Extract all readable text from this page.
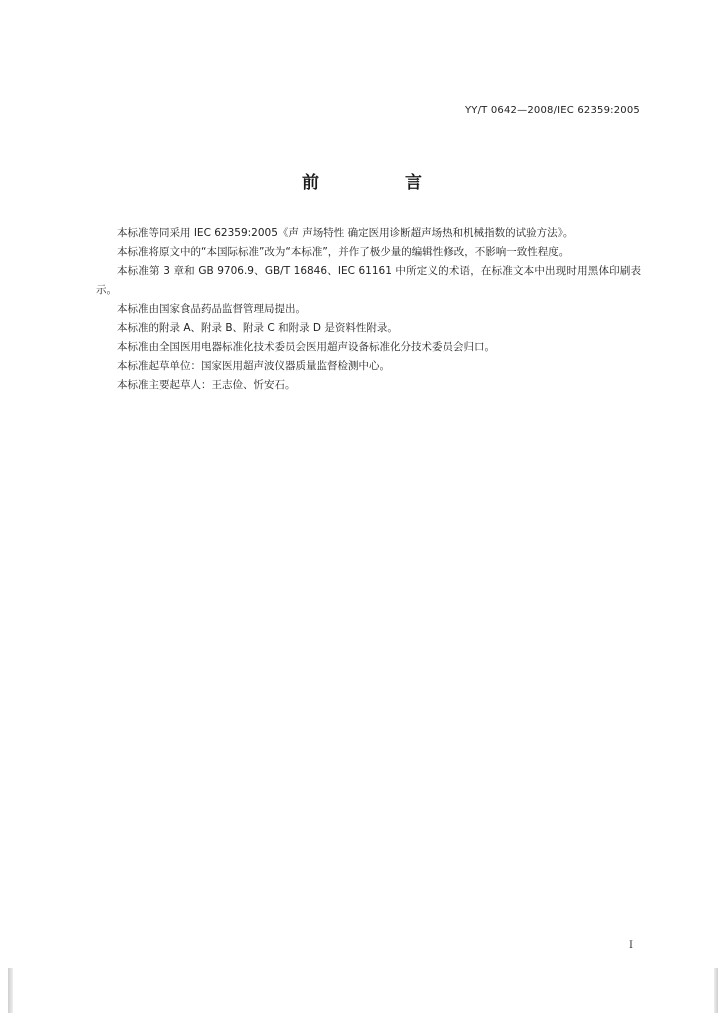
YY/T 0642—2008/IEC 62359:2005
前 言

本标准等同采用 IEC 62359:2005《声 声场特性 确定医用诊断超声场热和机械指数的试验方法》。

本标准将原文中的“本国际标准”改为“本标准”，并作了极少量的编辑性修改，不影响一致性程度。

本标准第 3 章和 GB 9706.9、GB/T 16846、IEC 61161 中所定义的术语，在标准文本中出现时用黑体印刷表示。

本标准由国家食品药品监督管理局提出。

本标准的附录 A、附录 B、附录 C 和附录 D 是资料性附录。

本标准由全国医用电器标准化技术委员会医用超声设备标准化分技术委员会归口。

本标准起草单位：国家医用超声波仪器质量监督检测中心。

本标准主要起草人：王志俭、忻安石。

I
